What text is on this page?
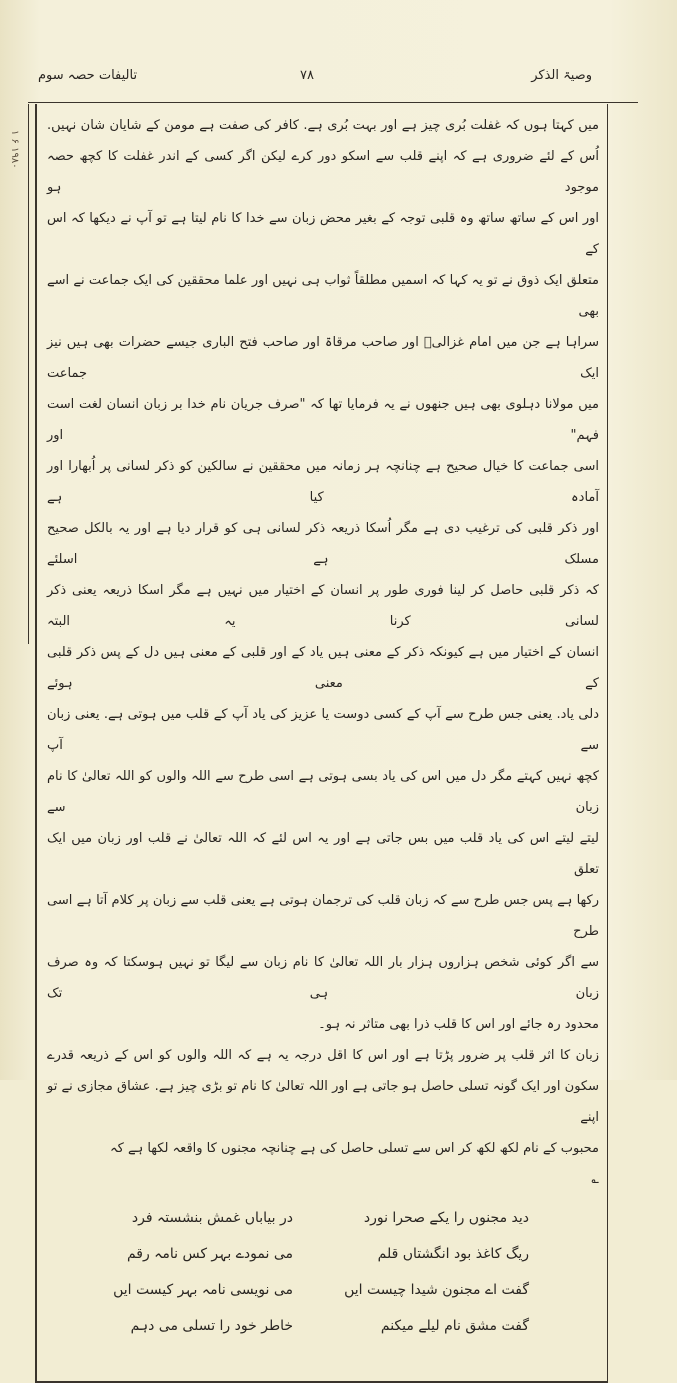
۱ ۶ ۱۹۸۰
وصیۃ الذکر
۷۸
تالیفات حصہ سوم
میں کہتا ہوں کہ غفلت بُری چیز ہے اور بہت بُری ہے. کافر کی صفت ہے مومن کے شایان شان نہیں.
اُس کے لئے ضروری ہے کہ اپنے قلب سے اسکو دور کرے لیکن اگر کسی کے اندر غفلت کا کچھ حصہ موجود ہو
اور اس کے ساتھ ساتھ وہ قلبی توجہ کے بغیر محض زبان سے خدا کا نام لیتا ہے تو آپ نے دیکھا کہ اس کے
متعلق ایک ذوق نے تو یہ کہا کہ اسمیں مطلقاً ثواب ہی نہیں اور علما محققین کی ایک جماعت نے اسے بھی
سراہا ہے جن میں امام غزالیؒ اور صاحب مرقاۃ اور صاحب فتح الباری جیسے حضرات بھی ہیں نیز ایک جماعت
میں مولانا دہلوی بھی ہیں جنھوں نے یہ فرمایا تھا کہ "صرف جریان نام خدا بر زبان انسان لغت است فہم" اور
اسی جماعت کا خیال صحیح ہے چنانچہ ہر زمانہ میں محققین نے سالکین کو ذکر لسانی پر اُبھارا اور آمادہ کیا ہے
اور ذکر قلبی کی ترغیب دی ہے مگر اُسکا ذریعہ ذکر لسانی ہی کو قرار دیا ہے اور یہ بالکل صحیح مسلک ہے اسلئے
کہ ذکر قلبی حاصل کر لینا فوری طور پر انسان کے اختیار میں نہیں ہے مگر اسکا ذریعہ یعنی ذکر لسانی کرنا یہ البتہ
انسان کے اختیار میں ہے کیونکہ ذکر کے معنی ہیں یاد کے اور قلبی کے معنی ہیں دل کے پس ذکر قلبی کے معنی ہوئے
دلی یاد. یعنی جس طرح سے آپ کے کسی دوست یا عزیز کی یاد آپ کے قلب میں ہوتی ہے. یعنی زبان سے آپ
کچھ نہیں کہتے مگر دل میں اس کی یاد بسی ہوتی ہے اسی طرح سے اللہ والوں کو اللہ تعالیٰ کا نام زبان سے
لیتے لیتے اس کی یاد قلب میں بس جاتی ہے اور یہ اس لئے کہ اللہ تعالیٰ نے قلب اور زبان میں ایک تعلق
رکھا ہے پس جس طرح سے کہ زبان قلب کی ترجمان ہوتی ہے یعنی قلب سے زبان پر کلام آتا ہے اسی طرح
سے اگر کوئی شخص ہزاروں ہزار بار اللہ تعالیٰ کا نام زبان سے لیگا تو نہیں ہوسکتا کہ وہ صرف زبان ہی تک
محدود رہ جائے اور اس کا قلب ذرا بھی متاثر نہ ہو۔
زبان کا اثر قلب پر ضرور پڑتا ہے اور اس کا اقل درجہ یہ ہے کہ اللہ والوں کو اس کے ذریعہ قدرے
سکون اور ایک گونہ تسلی حاصل ہو جاتی ہے اور اللہ تعالیٰ کا نام تو بڑی چیز ہے. عشاق مجازی نے تو اپنے
محبوب کے نام لکھ لکھ کر اس سے تسلی حاصل کی ہے چنانچہ مجنوں کا واقعہ لکھا ہے کہ ؎
دید مجنوں را یکے صحرا نورد
در بیاباں غمش بنشستہ فرد
ریگ کاغذ بود انگشتاں قلم
می نمودے بہر کس نامہ رقم
گفت اے مجنون شیدا چیست ایں
می نویسی نامہ بہر کیست ایں
گفت مشق نام لیلے میکنم
خاطر خود را تسلی می دہم
